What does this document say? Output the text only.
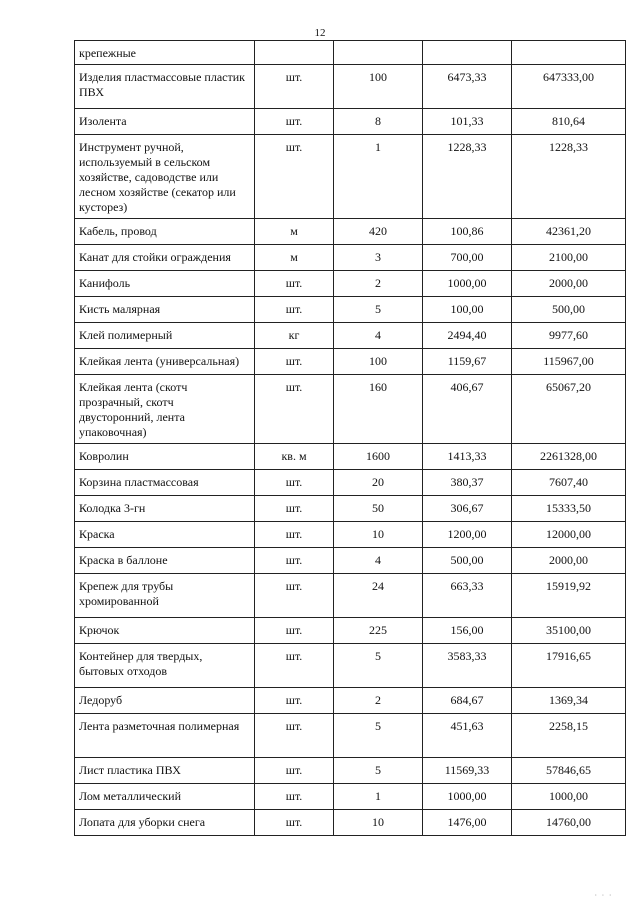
12
крепежные				
Изделия пластмассовые пластик ПВХ	шт.	100	6473,33	647333,00
Изолента	шт.	8	101,33	810,64
Инструмент ручной, используемый в сельском хозяйстве, садоводстве или лесном хозяйстве (секатор или кусторез)	шт.	1	1228,33	1228,33
Кабель, провод	м	420	100,86	42361,20
Канат для стойки ограждения	м	3	700,00	2100,00
Канифоль	шт.	2	1000,00	2000,00
Кисть малярная	шт.	5	100,00	500,00
Клей полимерный	кг	4	2494,40	9977,60
Клейкая лента (универсальная)	шт.	100	1159,67	115967,00
Клейкая лента (скотч прозрачный, скотч двусторонний, лента упаковочная)	шт.	160	406,67	65067,20
Ковролин	кв. м	1600	1413,33	2261328,00
Корзина пластмассовая	шт.	20	380,37	7607,40
Колодка 3-гн	шт.	50	306,67	15333,50
Краска	шт.	10	1200,00	12000,00
Краска в баллоне	шт.	4	500,00	2000,00
Крепеж для трубы хромированной	шт.	24	663,33	15919,92
Крючок	шт.	225	156,00	35100,00
Контейнер для твердых, бытовых отходов	шт.	5	3583,33	17916,65
Ледоруб	шт.	2	684,67	1369,34
Лента разметочная полимерная	шт.	5	451,63	2258,15
Лист пластика ПВХ	шт.	5	11569,33	57846,65
Лом металлический	шт.	1	1000,00	1000,00
Лопата для уборки снега	шт.	10	1476,00	14760,00
· · ·
